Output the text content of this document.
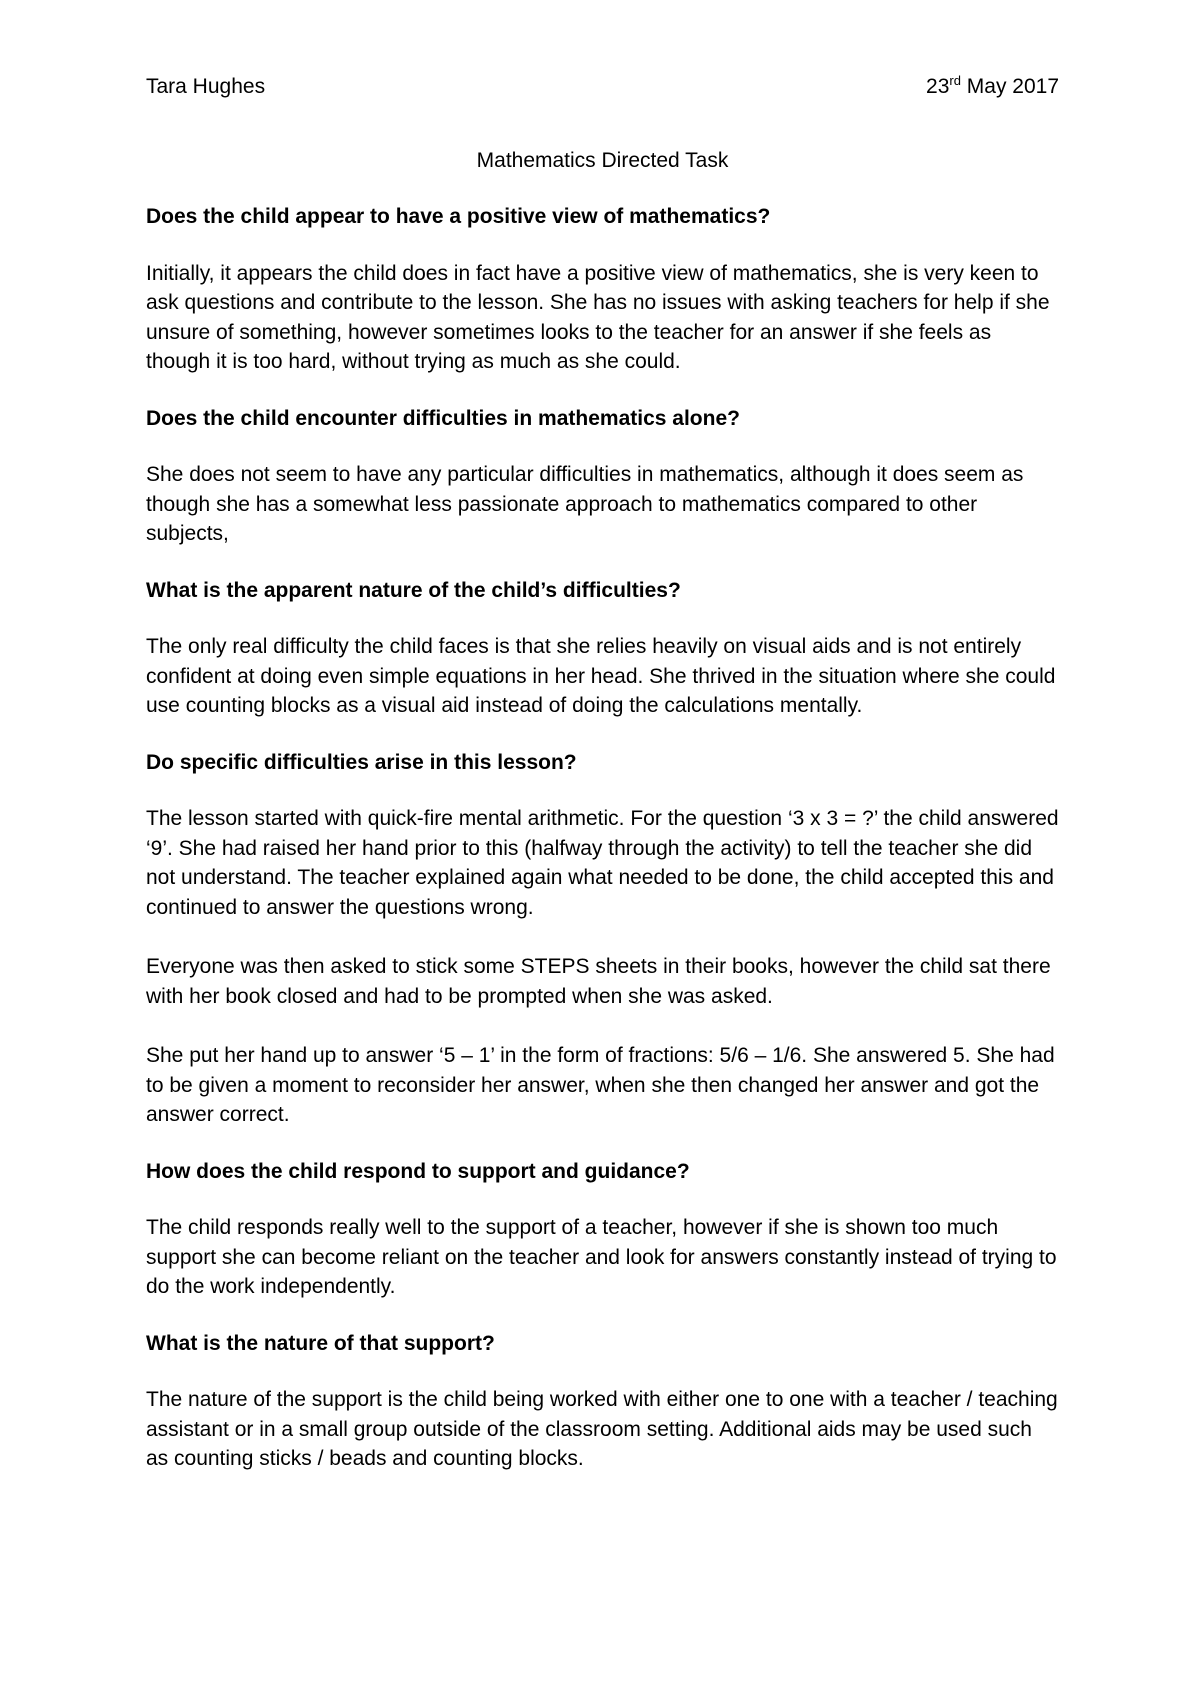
Tara Hughes	23rd May 2017
Mathematics Directed Task
Does the child appear to have a positive view of mathematics?
Initially, it appears the child does in fact have a positive view of mathematics, she is very keen to ask questions and contribute to the lesson. She has no issues with asking teachers for help if she unsure of something, however sometimes looks to the teacher for an answer if she feels as though it is too hard, without trying as much as she could.
Does the child encounter difficulties in mathematics alone?
She does not seem to have any particular difficulties in mathematics, although it does seem as though she has a somewhat less passionate approach to mathematics compared to other subjects,
What is the apparent nature of the child’s difficulties?
The only real difficulty the child faces is that she relies heavily on visual aids and is not entirely confident at doing even simple equations in her head. She thrived in the situation where she could use counting blocks as a visual aid instead of doing the calculations mentally.
Do specific difficulties arise in this lesson?
The lesson started with quick-fire mental arithmetic. For the question ‘3 x 3 = ?’ the child answered ‘9’. She had raised her hand prior to this (halfway through the activity) to tell the teacher she did not understand. The teacher explained again what needed to be done, the child accepted this and continued to answer the questions wrong.
Everyone was then asked to stick some STEPS sheets in their books, however the child sat there with her book closed and had to be prompted when she was asked.
She put her hand up to answer ‘5 – 1’ in the form of fractions: 5/6 – 1/6. She answered 5. She had to be given a moment to reconsider her answer, when she then changed her answer and got the answer correct.
How does the child respond to support and guidance?
The child responds really well to the support of a teacher, however if she is shown too much support she can become reliant on the teacher and look for answers constantly instead of trying to do the work independently.
What is the nature of that support?
The nature of the support is the child being worked with either one to one with a teacher / teaching assistant or in a small group outside of the classroom setting. Additional aids may be used such as counting sticks / beads and counting blocks.
